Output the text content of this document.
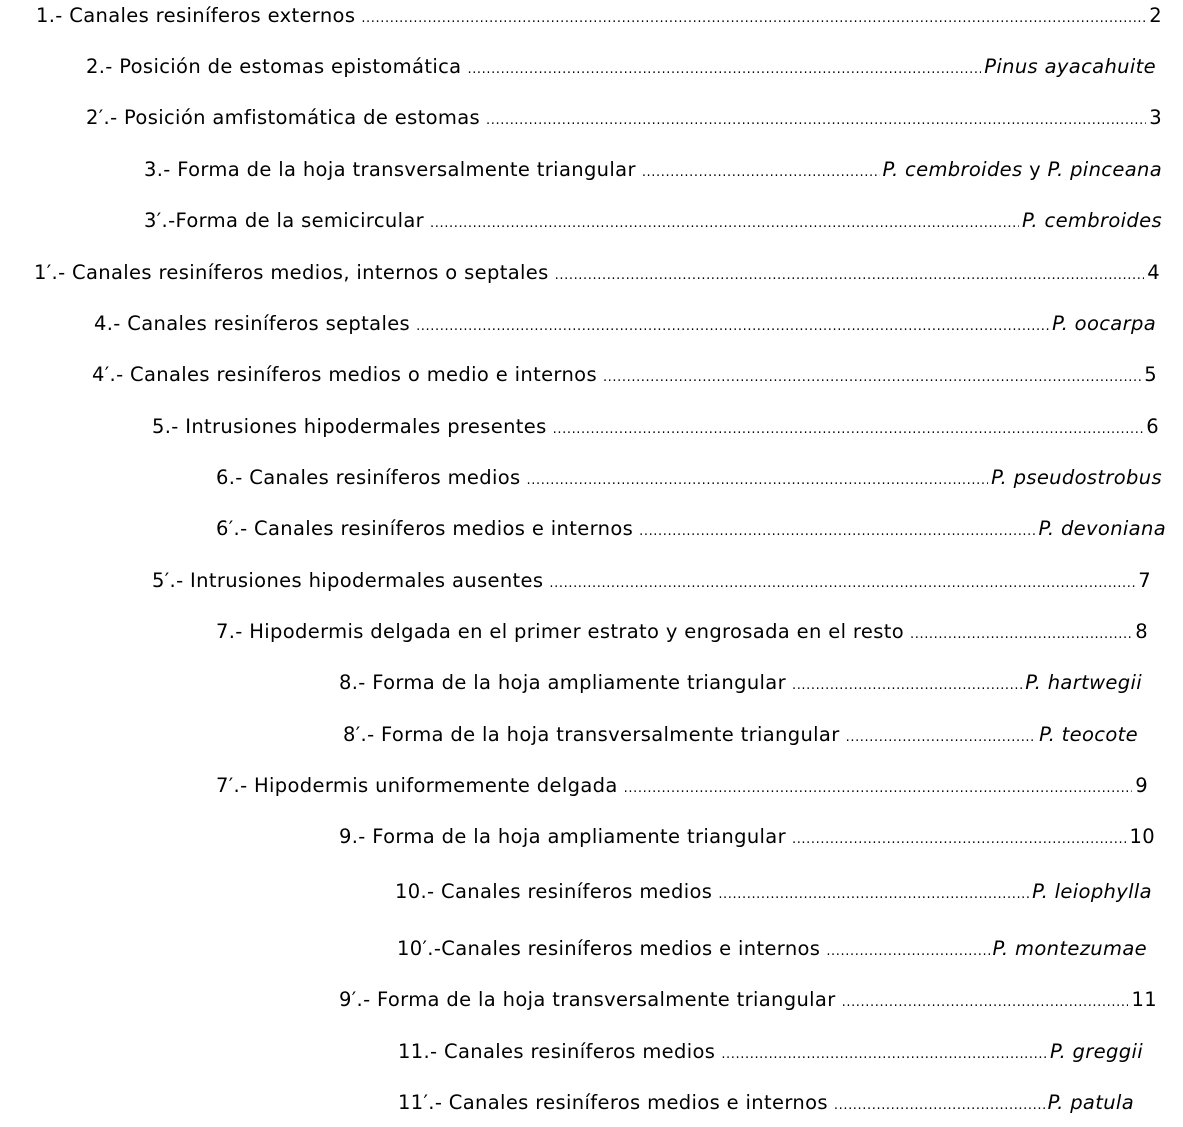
1.- Canales resiníferos externos .....	2
2.- Posición de estomas epistomática .....	Pinus ayacahuite
2′.- Posición amfistomática de estomas .....	3
3.- Forma de la hoja transversalmente triangular .....	P. cembroides y P. pinceana
3′.-Forma de la semicircular .....	P. cembroides
1′.- Canales resiníferos medios, internos o septales .....	4
4.- Canales resiníferos septales .....	P. oocarpa
4′.- Canales resiníferos medios o medio e internos .....	5
5.- Intrusiones hipodermales presentes .....	6
6.- Canales resiníferos medios .....	P. pseudostrobus
6′.- Canales resiníferos medios e internos .....	P. devoniana
5′.- Intrusiones hipodermales ausentes .....	7
7.- Hipodermis delgada en el primer estrato y engrosada en el resto .....	8
8.- Forma de la hoja ampliamente triangular .....	P. hartwegii
8′.- Forma de la hoja transversalmente triangular .....	P. teocote
7′.- Hipodermis uniformemente delgada .....	9
9.- Forma de la hoja ampliamente triangular .....	10
10.- Canales resiníferos medios .....	P. leiophylla
10′.-Canales resiníferos medios e internos .....	P. montezumae
9′.- Forma de la hoja transversalmente triangular .....	11
11.- Canales resiníferos medios .....	P. greggii
11′.- Canales resiníferos medios e internos .....	P. patula
